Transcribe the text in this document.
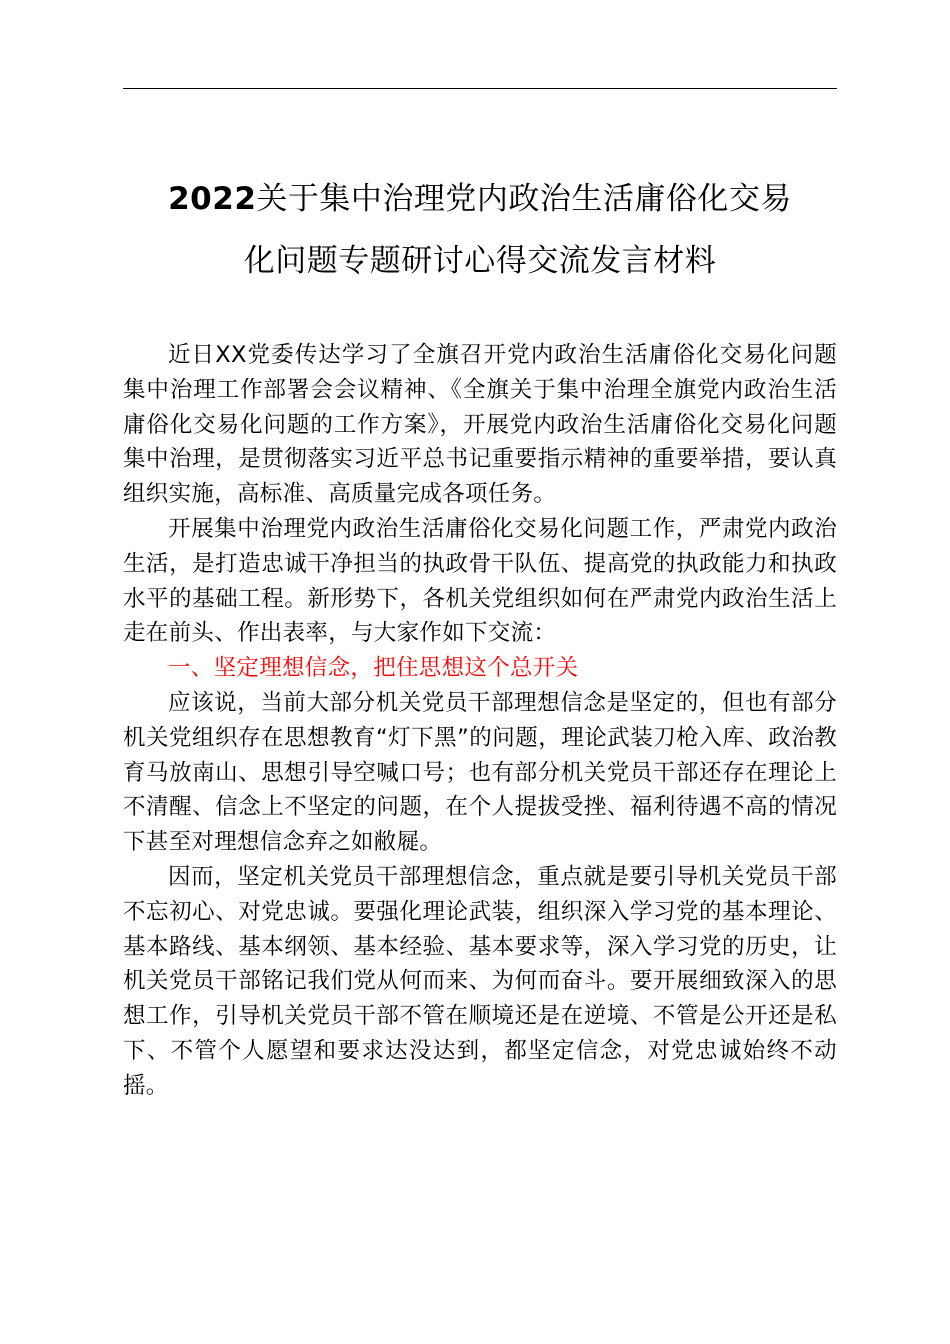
2022关于集中治理党内政治生活庸俗化交易
化问题专题研讨心得交流发言材料

近日XX党委传达学习了全旗召开党内政治生活庸俗化交易化问题集中治理工作部署会会议精神、《全旗关于集中治理全旗党内政治生活庸俗化交易化问题的工作方案》，开展党内政治生活庸俗化交易化问题集中治理，是贯彻落实习近平总书记重要指示精神的重要举措，要认真组织实施，高标准、高质量完成各项任务。

开展集中治理党内政治生活庸俗化交易化问题工作，严肃党内政治生活，是打造忠诚干净担当的执政骨干队伍、提高党的执政能力和执政水平的基础工程。新形势下，各机关党组织如何在严肃党内政治生活上走在前头、作出表率，与大家作如下交流：

一、坚定理想信念，把住思想这个总开关

应该说，当前大部分机关党员干部理想信念是坚定的，但也有部分机关党组织存在思想教育“灯下黑”的问题，理论武装刀枪入库、政治教育马放南山、思想引导空喊口号；也有部分机关党员干部还存在理论上不清醒、信念上不坚定的问题，在个人提拔受挫、福利待遇不高的情况下甚至对理想信念弃之如敝屣。

因而，坚定机关党员干部理想信念，重点就是要引导机关党员干部不忘初心、对党忠诚。要强化理论武装，组织深入学习党的基本理论、基本路线、基本纲领、基本经验、基本要求等，深入学习党的历史，让机关党员干部铭记我们党从何而来、为何而奋斗。要开展细致深入的思想工作，引导机关党员干部不管在顺境还是在逆境、不管是公开还是私下、不管个人愿望和要求达没达到，都坚定信念，对党忠诚始终不动摇。
